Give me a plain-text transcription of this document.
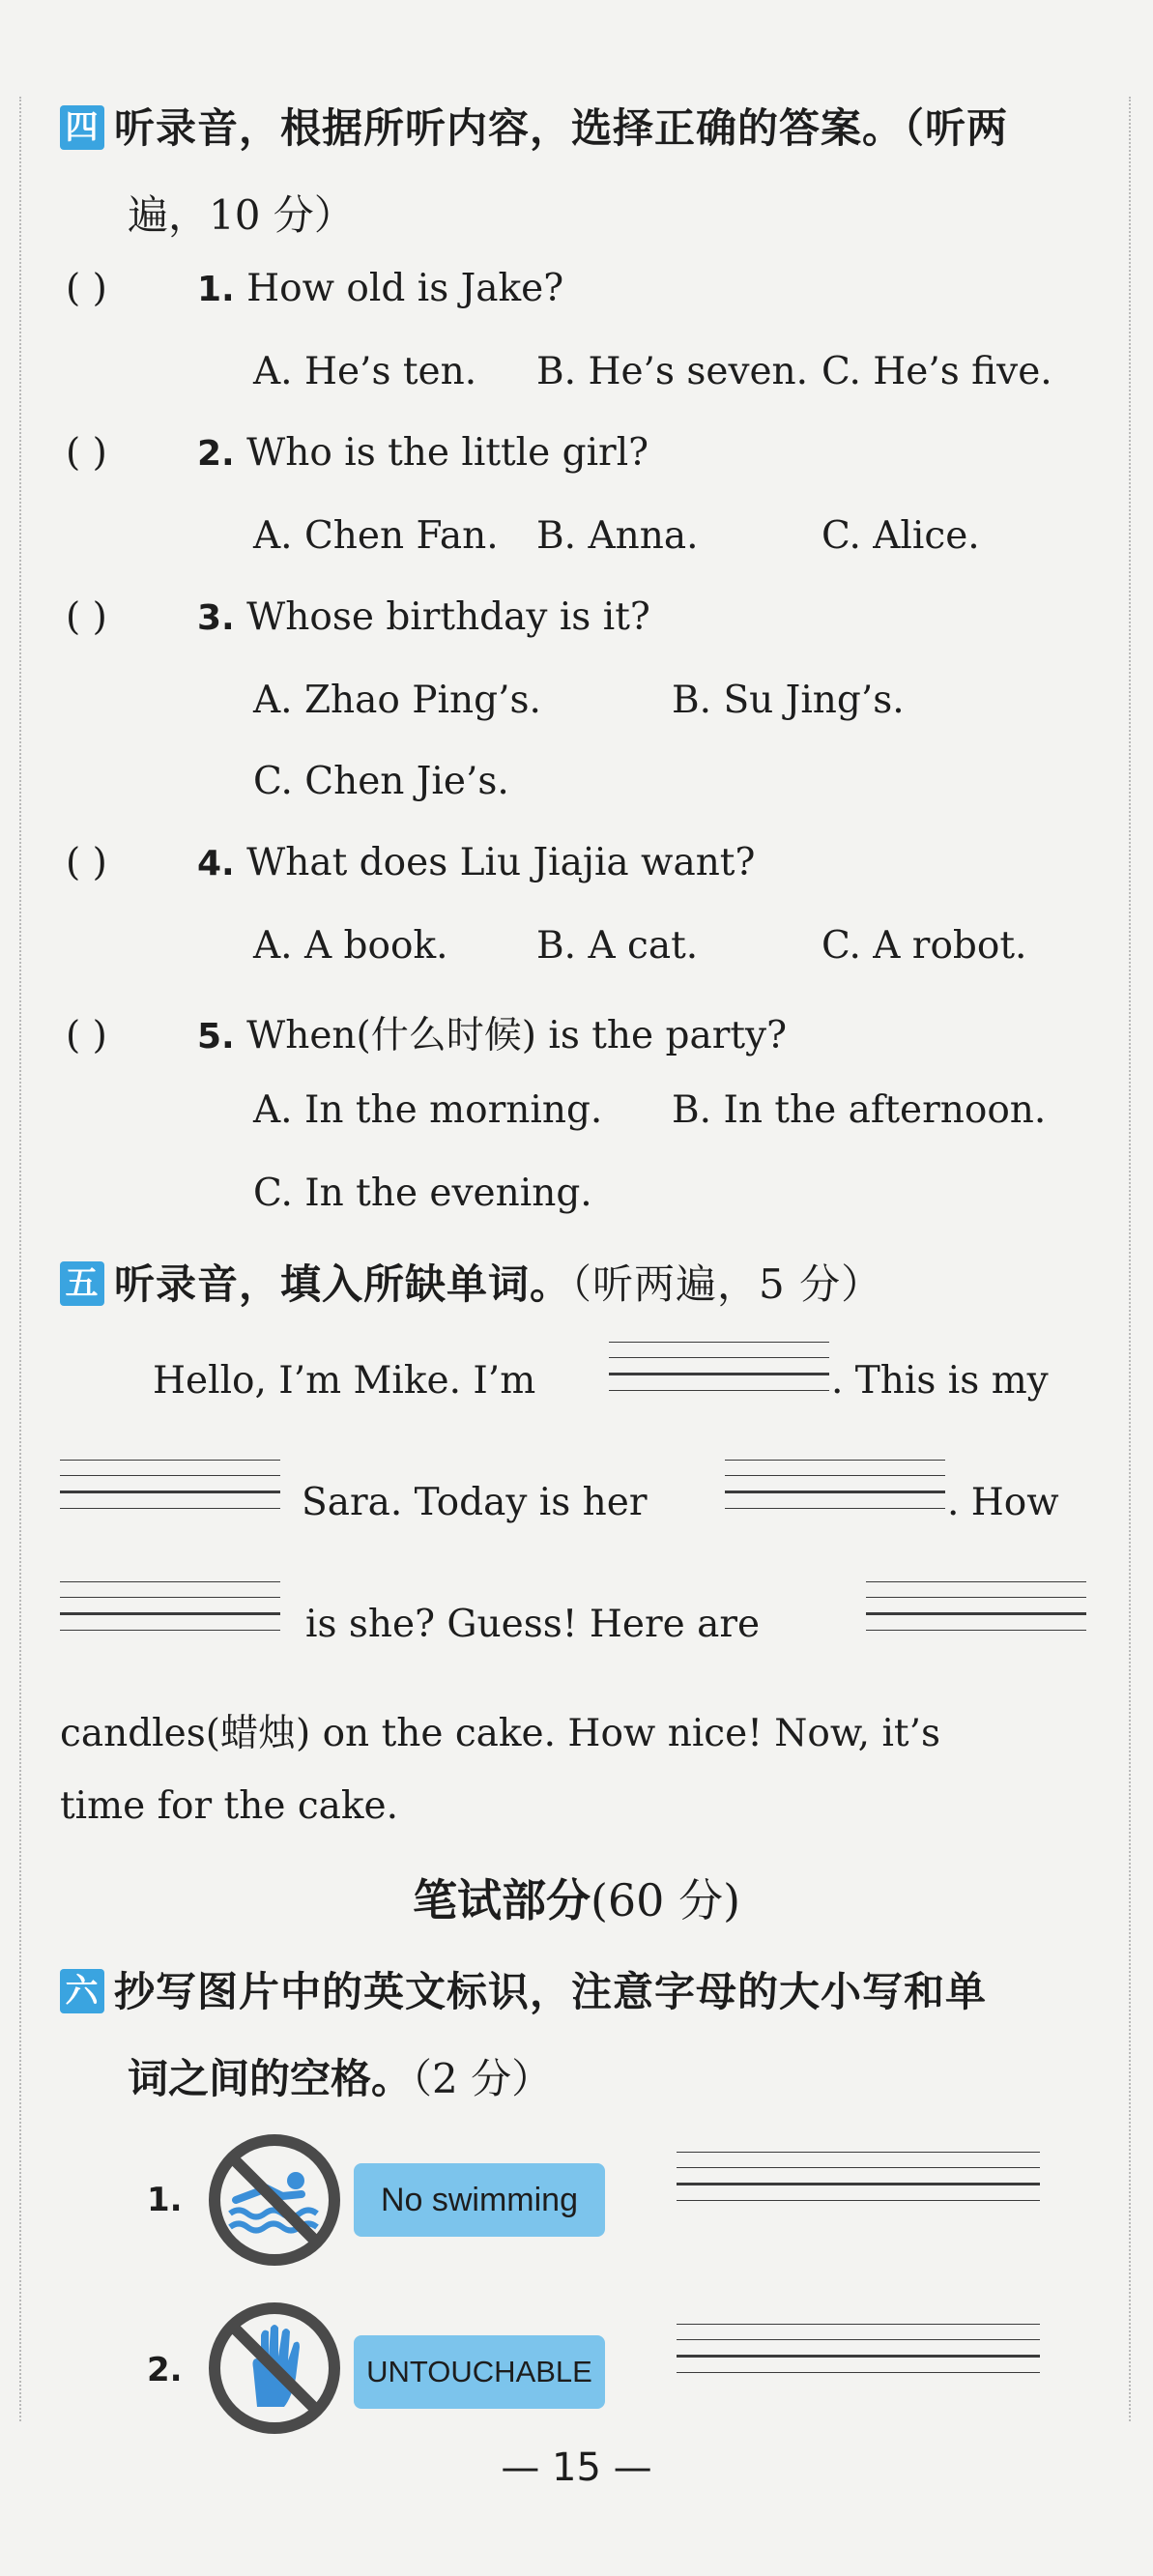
四 听录音，根据所听内容，选择正确的答案。（听两
遍，10 分）
( )	1. How old is Jake?
A. He’s ten. B. He’s seven. C. He’s five.
( )	2. Who is the little girl?
A. Chen Fan. B. Anna.	C. Alice.
( )	3. Whose birthday is it?
A. Zhao Ping’s.	B. Su Jing’s.
C. Chen Jie’s.
( )	4. What does Liu Jiajia want?
A. A book. B. A cat.	C. A robot.
( )	5. When(什么时候) is the party?
A. In the morning. B. In the afternoon.
C. In the evening.
五 听录音，填入所缺单词。（听两遍，5 分）
Hello, I’m Mike. I’m	. This is my
Sara. Today is her	. How
is she? Guess! Here are
candles(蜡烛) on the cake. How nice! Now, it’s
time for the cake.
笔试部分(60 分)
六 抄写图片中的英文标识，注意字母的大小写和单
词之间的空格。（2 分）
1.	No swimming
2.	UNTOUCHABLE
— 15 —
